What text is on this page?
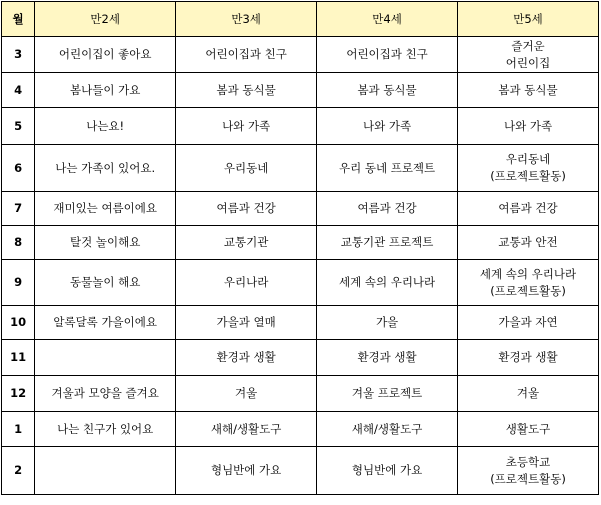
월	만2세	만3세	만4세	만5세
3	어린이집이 좋아요	어린이집과 친구	어린이집과 친구	즐거운
어린이집
4	봄나들이 가요	봄과 동식물	봄과 동식물	봄과 동식물
5	나는요!	나와 가족	나와 가족	나와 가족
6	나는 가족이 있어요.	우리동네	우리 동네 프로젝트	우리동네
(프로젝트활동)
7	재미있는 여름이에요	여름과 건강	여름과 건강	여름과 건강
8	탈것 놀이해요	교통기관	교통기관 프로젝트	교통과 안전
9	동물놀이 해요	우리나라	세계 속의 우리나라	세계 속의 우리나라
(프로젝트활동)
10	알록달록 가을이에요	가을과 열매	가을	가을과 자연
11		환경과 생활	환경과 생활	환경과 생활
12	겨울과 모양을 즐겨요	겨울	겨울 프로젝트	겨울
1	나는 친구가 있어요	새해/생활도구	새해/생활도구	생활도구
2		형님반에 가요	형님반에 가요	초등학교
(프로젝트활동)
